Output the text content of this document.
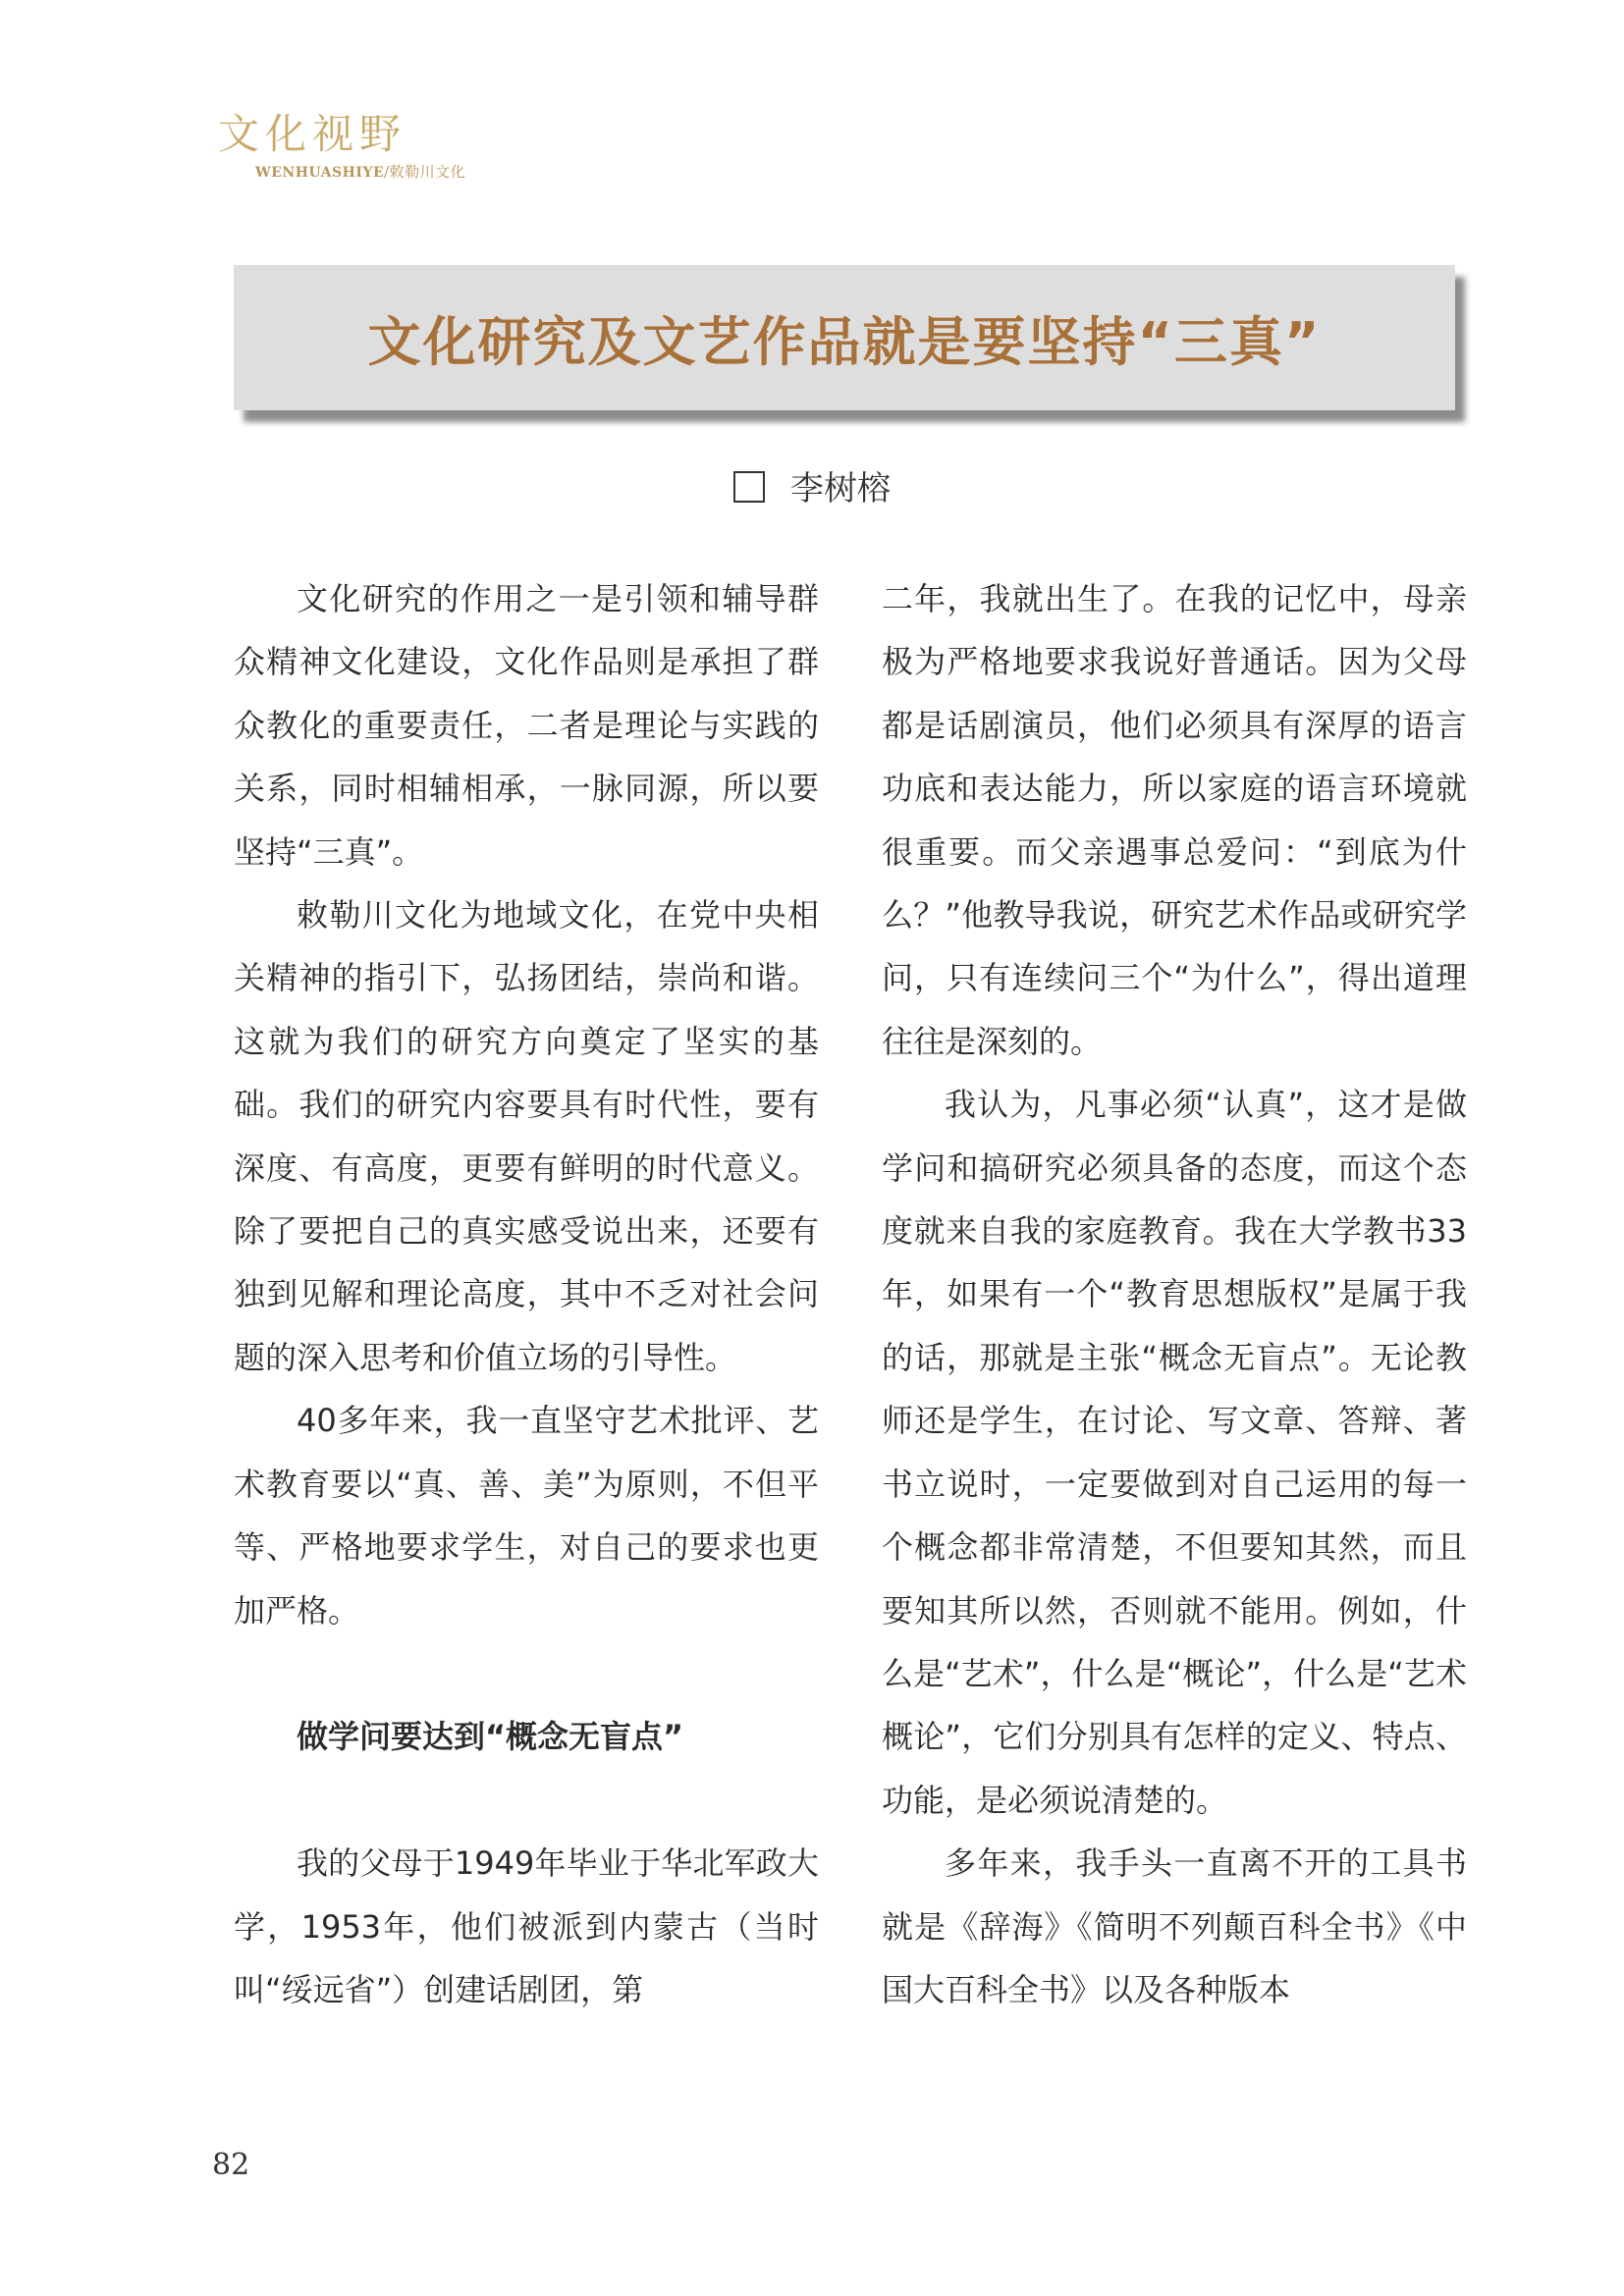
文化视野
WENHUASHIYE/敕勒川文化
文化研究及文艺作品就是要坚持“三真”
李树榕

文化研究的作用之一是引领和辅导群众精神文化建设，文化作品则是承担了群众教化的重要责任，二者是理论与实践的关系，同时相辅相承，一脉同源，所以要坚持“三真”。

敕勒川文化为地域文化，在党中央相关精神的指引下，弘扬团结，崇尚和谐。这就为我们的研究方向奠定了坚实的基础。我们的研究内容要具有时代性，要有深度、有高度，更要有鲜明的时代意义。除了要把自己的真实感受说出来，还要有独到见解和理论高度，其中不乏对社会问题的深入思考和价值立场的引导性。

40多年来，我一直坚守艺术批评、艺术教育要以“真、善、美”为原则，不但平等、严格地要求学生，对自己的要求也更加严格。

做学问要达到“概念无盲点”

我的父母于1949年毕业于华北军政大学，1953年，他们被派到内蒙古（当时叫“绥远省”）创建话剧团，第

二年，我就出生了。在我的记忆中，母亲极为严格地要求我说好普通话。因为父母都是话剧演员，他们必须具有深厚的语言功底和表达能力，所以家庭的语言环境就很重要。而父亲遇事总爱问：“到底为什么？”他教导我说，研究艺术作品或研究学问，只有连续问三个“为什么”，得出道理往往是深刻的。

我认为，凡事必须“认真”，这才是做学问和搞研究必须具备的态度，而这个态度就来自我的家庭教育。我在大学教书33年，如果有一个“教育思想版权”是属于我的话，那就是主张“概念无盲点”。无论教师还是学生，在讨论、写文章、答辩、著书立说时，一定要做到对自己运用的每一个概念都非常清楚，不但要知其然，而且要知其所以然，否则就不能用。例如，什么是“艺术”，什么是“概论”，什么是“艺术概论”，它们分别具有怎样的定义、特点、功能，是必须说清楚的。

多年来，我手头一直离不开的工具书就是《辞海》《简明不列颠百科全书》《中国大百科全书》以及各种版本

82
